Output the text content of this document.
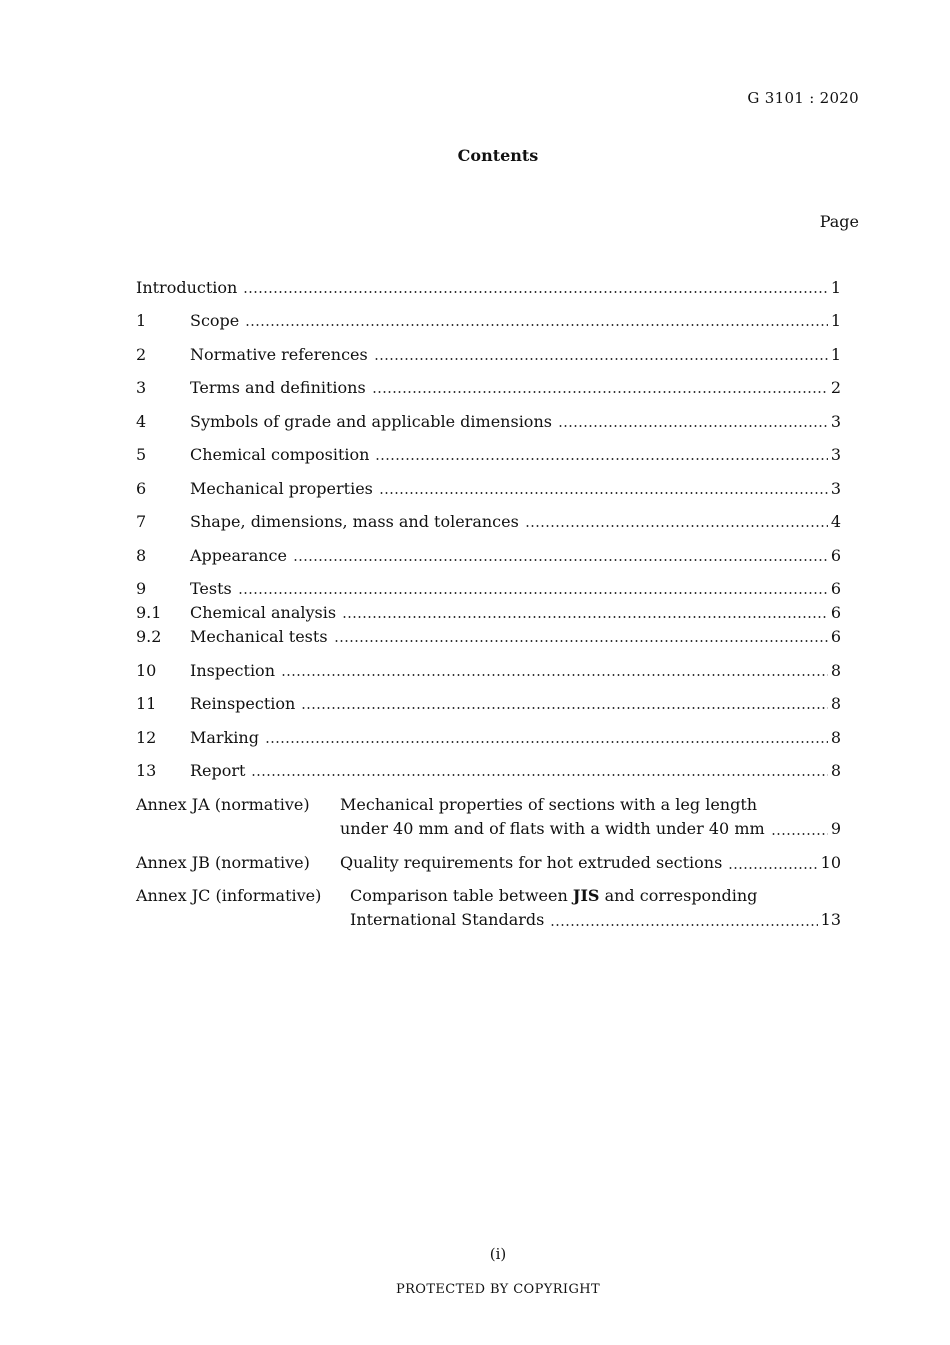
G 3101 : 2020
Contents
Page
Introduction	1
1	Scope	1
2	Normative references	1
3	Terms and definitions	2
4	Symbols of grade and applicable dimensions	3
5	Chemical composition	3
6	Mechanical properties	3
7	Shape, dimensions, mass and tolerances	4
8	Appearance	6
9	Tests	6
9.1	Chemical analysis	6
9.2	Mechanical tests	6
10	Inspection	8
11	Reinspection	8
12	Marking	8
13	Report	8
Annex JA (normative) Mechanical properties of sections with a leg length
under 40 mm and of flats with a width under 40 mm	9
Annex JB (normative) Quality requirements for hot extruded sections	10
Annex JC (informative) Comparison table between JIS and corresponding
International Standards	13
(i)
PROTECTED BY COPYRIGHT
